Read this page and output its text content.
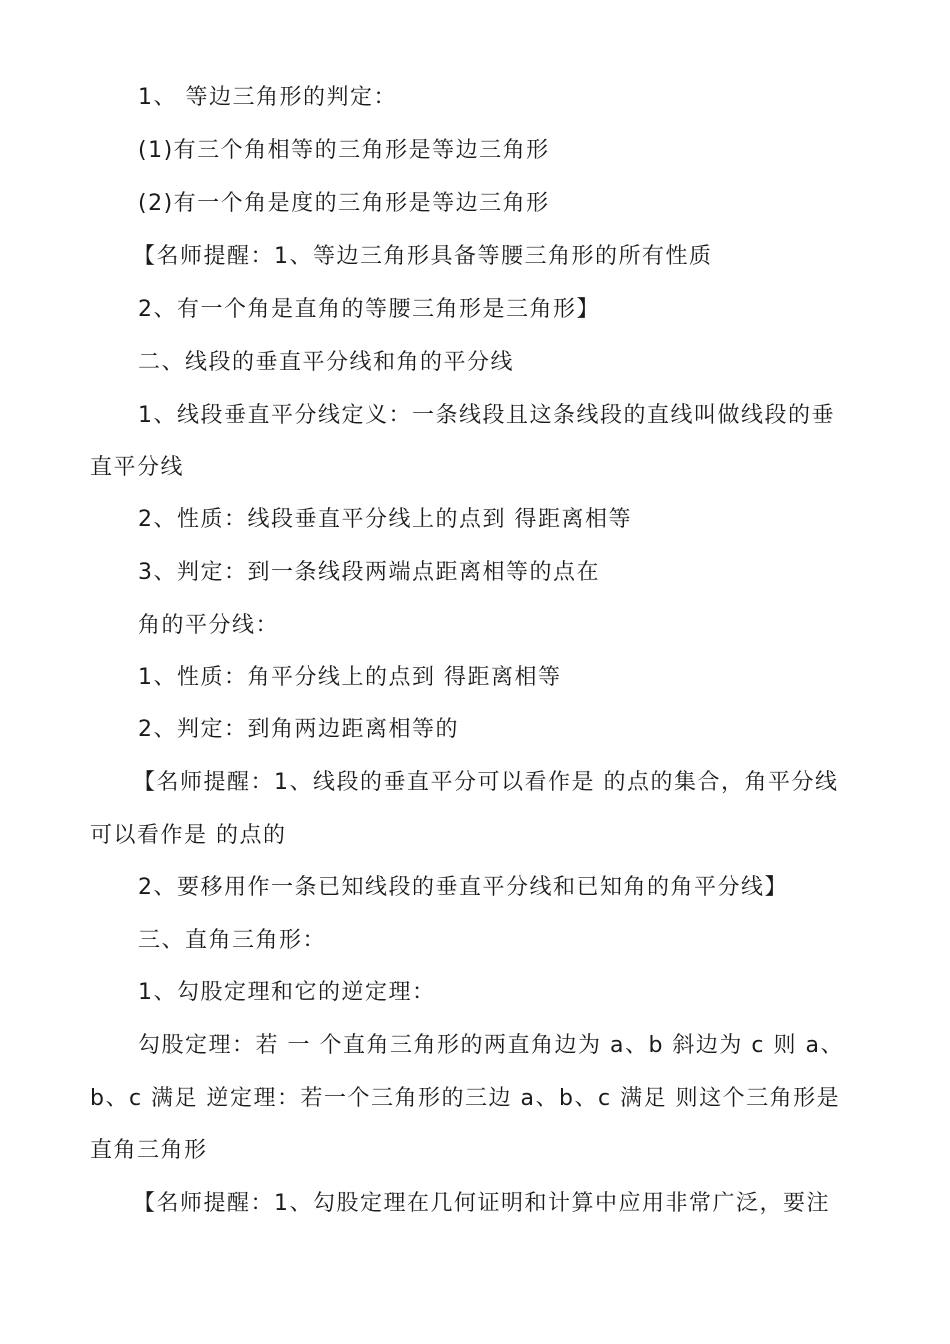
1、 等边三角形的判定：
(1)有三个角相等的三角形是等边三角形
(2)有一个角是度的三角形是等边三角形
【名师提醒：1、等边三角形具备等腰三角形的所有性质
2、有一个角是直角的等腰三角形是三角形】
二、线段的垂直平分线和角的平分线
1、线段垂直平分线定义：一条线段且这条线段的直线叫做线段的垂
直平分线
2、性质：线段垂直平分线上的点到 得距离相等
3、判定：到一条线段两端点距离相等的点在
角的平分线：
1、性质：角平分线上的点到 得距离相等
2、判定：到角两边距离相等的
【名师提醒：1、线段的垂直平分可以看作是 的点的集合，角平分线
可以看作是 的点的
2、要移用作一条已知线段的垂直平分线和已知角的角平分线】
三、直角三角形：
1、勾股定理和它的逆定理：
勾股定理：若 一 个直角三角形的两直角边为 a、b 斜边为 c 则 a、
b、c 满足 逆定理：若一个三角形的三边 a、b、c 满足 则这个三角形是
直角三角形
【名师提醒：1、勾股定理在几何证明和计算中应用非常广泛，要注
